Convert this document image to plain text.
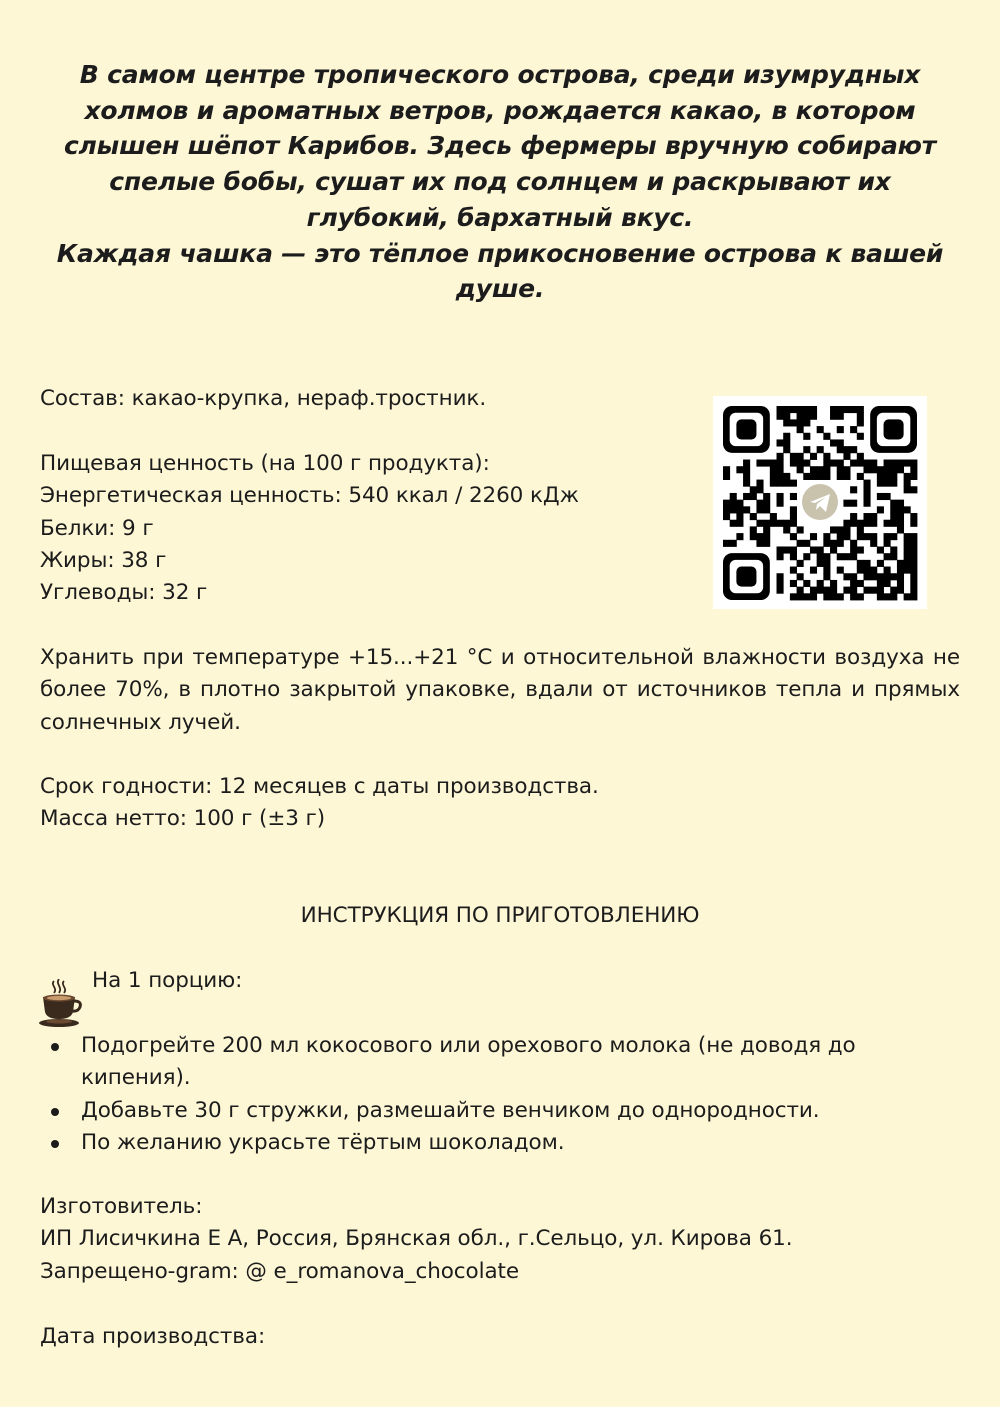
В самом центре тропического острова, среди изумрудных холмов и ароматных ветров, рождается какао, в котором слышен шёпот Карибов. Здесь фермеры вручную собирают спелые бобы, сушат их под солнцем и раскрывают их глубокий, бархатный вкус.

Каждая чашка — это тёплое прикосновение острова к вашей душе.

Состав: какао-крупка, нераф.тростник.
Пищевая ценность (на 100 г продукта):
Энергетическая ценность: 540 ккал / 2260 кДж
Белки: 9 г
Жиры: 38 г
Углеводы: 32 г
Хранить при температуре +15...+21 °С и относительной влажности воздуха не более 70%, в плотно закрытой упаковке, вдали от источников тепла и прямых солнечных лучей.
Срок годности: 12 месяцев с даты производства.
Масса нетто: 100 г (±3 г)
ИНСТРУКЦИЯ ПО ПРИГОТОВЛЕНИЮ
На 1 порцию:
Подогрейте 200 мл кокосового или орехового молока (не доводя до кипения).
Добавьте 30 г стружки, размешайте венчиком до однородности.
По желанию украсьте тёртым шоколадом.
Изготовитель:
ИП Лисичкина Е А, Россия, Брянская обл., г.Сельцо, ул. Кирова 61.
Запрещено-gram: @ e_romanova_chocolate
Дата производства:
